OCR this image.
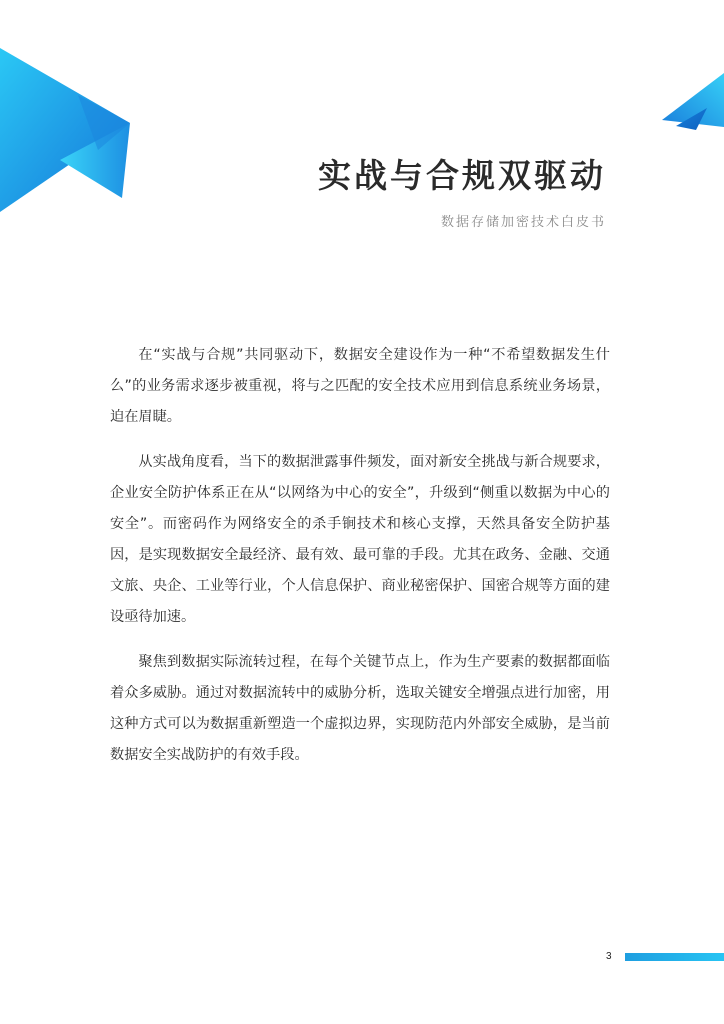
实战与合规双驱动
数据存储加密技术白皮书

在“实战与合规”共同驱动下，数据安全建设作为一种“不希望数据发生什么”的业务需求逐步被重视，将与之匹配的安全技术应用到信息系统业务场景，迫在眉睫。

从实战角度看，当下的数据泄露事件频发，面对新安全挑战与新合规要求，企业安全防护体系正在从“以网络为中心的安全”，升级到“侧重以数据为中心的安全”。而密码作为网络安全的杀手锏技术和核心支撑，天然具备安全防护基因，是实现数据安全最经济、最有效、最可靠的手段。尤其在政务、金融、交通文旅、央企、工业等行业，个人信息保护、商业秘密保护、国密合规等方面的建设亟待加速。

聚焦到数据实际流转过程，在每个关键节点上，作为生产要素的数据都面临着众多威胁。通过对数据流转中的威胁分析，选取关键安全增强点进行加密，用这种方式可以为数据重新塑造一个虚拟边界，实现防范内外部安全威胁，是当前数据安全实战防护的有效手段。

3
